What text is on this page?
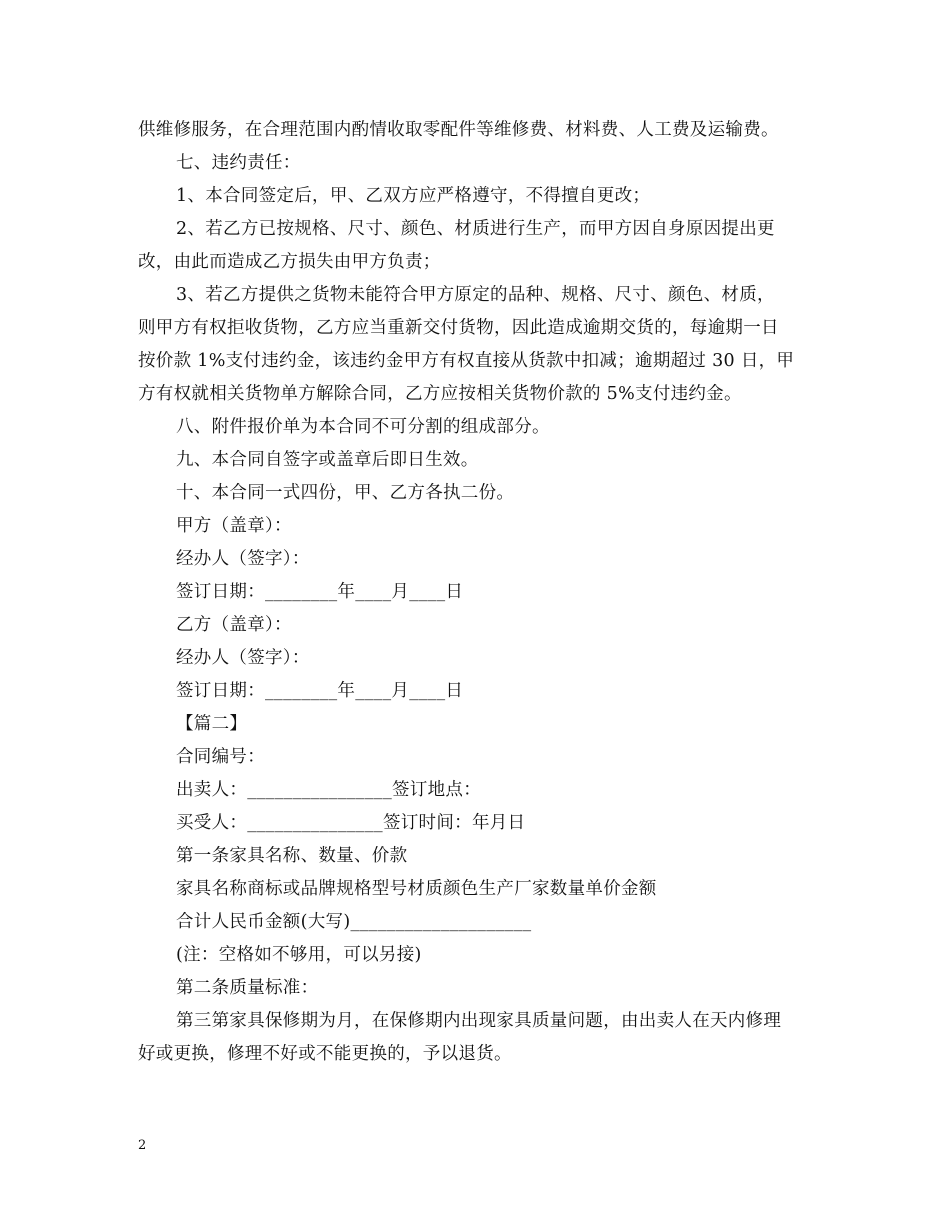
供维修服务，在合理范围内酌情收取零配件等维修费、材料费、人工费及运输费。
七、违约责任：
1、本合同签定后，甲、乙双方应严格遵守，不得擅自更改；
2、若乙方已按规格、尺寸、颜色、材质进行生产，而甲方因自身原因提出更
改，由此而造成乙方损失由甲方负责；
3、若乙方提供之货物未能符合甲方原定的品种、规格、尺寸、颜色、材质，
则甲方有权拒收货物，乙方应当重新交付货物，因此造成逾期交货的，每逾期一日
按价款 1%支付违约金，该违约金甲方有权直接从货款中扣减；逾期超过 30 日，甲
方有权就相关货物单方解除合同，乙方应按相关货物价款的 5%支付违约金。
八、附件报价单为本合同不可分割的组成部分。
九、本合同自签字或盖章后即日生效。
十、本合同一式四份，甲、乙方各执二份。
甲方（盖章）：
经办人（签字）：
签订日期：________年____月____日
乙方（盖章）：
经办人（签字）：
签订日期：________年____月____日
【篇二】
合同编号：
出卖人：________________签订地点：
买受人：_______________签订时间：年月日
第一条家具名称、数量、价款
家具名称商标或品牌规格型号材质颜色生产厂家数量单价金额
合计人民币金额(大写)____________________
(注：空格如不够用，可以另接)
第二条质量标准：
第三第家具保修期为月，在保修期内出现家具质量问题，由出卖人在天内修理
好或更换，修理不好或不能更换的，予以退货。
2
